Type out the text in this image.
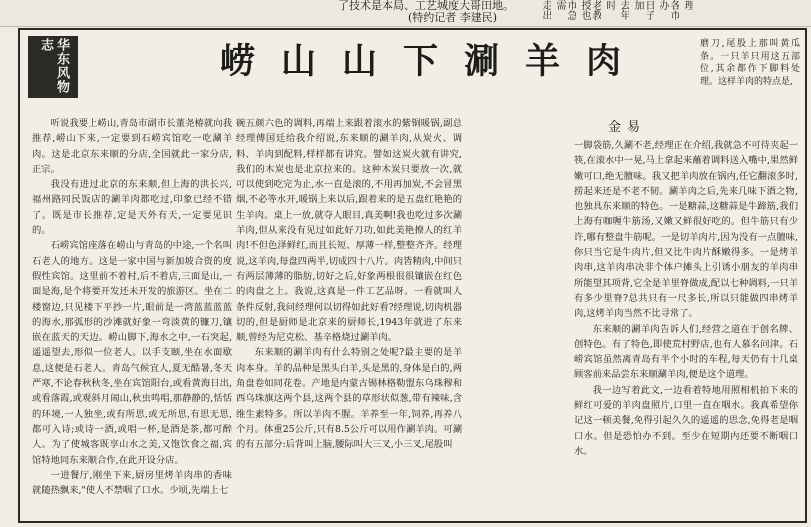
了技术是本局、工艺城度大哥田地。
(特约记者 李建民)	走出	市急需	老教授也	时 去年	日子加	各市办	理
华东风物志	崂山山下涮羊肉	磨刀,尾股上那叫黄瓜条。一只羊只用这五部位,其余都作下脚料处理。这样羊肉的特点是,

金易

听说我要上崂山,青岛市副市长董尧椿就向我推荐,崂山下来,一定要到石崂宾馆吃一吃涮羊肉。这是北京东来顺的分店,全国就此一家分店,正宗。

我没有进过北京的东来顺,但上海的洪长兴,福州路同民饭店的涮羊肉都吃过,印象已经不错了。既是市长推荐,定是天外有天,一定要见识的。

石崂宾馆座落在崂山与青岛的中途,一个名叫石老人的地方。这是一家中国与新加坡合资的度假性宾馆。这里前不着村,后不着店,三面是山,一面是海,是个将要开发还未开发的旅游区。坐在二楼窗边,只见楼下平抄一片,眼前是一湾蓝蓝蓝蓝的海水,那弧形的沙滩就好象一弯淡黄的镰刀,镶嵌在蓝天的天边。崂山脚下,海水之中,一石突起,遥遥望去,形似一位老人。以手支颐,坐在水面歇息,这便是石老人。青岛气候宜人,夏无酷暑,冬天严寒,不论春秋秋冬,坐在宾馆阳台,或看黄海日出,或看落霞,或观斜月闹山,秋虫鸣唱,那静静的,恬恬的环境,一人独坐,或有所思,或无所思,有思无思,都可入诗;或诗一酒,或唱一杯,是酒是茶,都可醉人。为了使城客既享山水之美,又饱饮食之福,宾馆特地同东来顺合作,在此开设分店。

一进餐厅,刚坐下来,厨房里烤羊肉串的香味就随热飘来,"使人不禁咽了口水。少顷,先端上七

碗五颜六色的调料,再端上来跟着滚水的紫铜暖锅,副总经理傅国廷给我介绍说,东来顺的涮羊肉,从炭火、调料、羊肉到配料,样样都有讲究。譬如这炭火就有讲究,我们的木炭也是北京拉来的。这种木炭只要放一次,就可以使到吃完为止,水一直是滚的,不用再加炭,不会冒黑烟,不必等水开,暖锅上来以后,跟着来的是五盘红艳艳的生羊肉。桌上一放,就夺人眼目,真美啊!我也吃过多次涮羊肉,但从来没有见过如此好刀功,如此美艳撩人的红羊肉!不但色泽鲜红,而且长短、厚薄一样,整整齐齐。经理说,这羊肉,每盘四两半,切成四十八片。肉皆精肉,中间只有两层薄薄的脂肪,切好之后,好象两根很很镶嵌在红色的肉盘之上。我说,这真是一件工艺品呀。一看就叫人条件反射,我问经理何以切得如此好看?经理说,切肉机器切的,但是厨师是北京来的厨师长,1943年就进了东来顺,曾经为尼克松、基辛格烧过涮羊肉。

东来顺的涮羊肉有什么特别之处呢?最主要的是羊肉本身。羊的品种是黑头白羊,头是黑的,身体是白的,两角盘卷如同花卷。产地是内蒙古锡林格勒盟东乌珠穆和西乌珠旗这两个县,这两个县的草形状似葱,带有辣味,含维生素特多。所以羊肉不腥。羊养至一年,饲养,再养八个月。体重25公斤,只有8.5公斤可以用作涮羊肉。可涮的有五部分:后背叫上脑,腰际叫大三叉,小三叉,尾股叫

一脚袋筋,久涮不老,经理正在介绍,我就急不可待夹起一筷,在滚水中一晃,马上拿起来蘸着调料送入嘴中,果然鲜嫩可口,绝无膻味。我又把羊肉放在锅内,任它翻滚多时,捞起来还是不老不韧。涮羊肉之后,先来几味下酒之物,也独具东来顺的特色。一是糖蒜,这糖蒜是牛蹄筋,我们上海有咖喱牛筋汤,又嫩又鲜很好吃的。但牛筋只有少许,哪有整盘牛筋呢。一是切羊肉片,因为没有一点膻味,你只当它是牛肉片,但又比牛肉片酥嫩得多。一是烤羊肉串,这羊肉串决非个体户摊头上引诱小朋友的羊肉串所能望其项背,它全是羊里脊做成,配以七种调料,一只羊有多少里脊?总共只有一尺多长,所以只能做四串烤羊肉,这烤羊肉当然不比寻常了。

东来顺的涮羊肉告诉人们,经营之道在于创名牌、创特色。有了特色,即使荒村野店,也有人慕名问津。石崂宾馆虽然离青岛有半个小时的车程,每天仍有十几桌顾客前来品尝东来顺涮羊肉,便是这个道理。

我一边写着此文,一边看着特地用照相机拍下来的鲜红可爱的羊肉盘照片,口里一直在咽水。我真希望你记这一顿美餐,免得引起久久的遥遥的思念,免得老是咽口水。但是恐怕办不到。至少在短期内还要不断咽口水。
